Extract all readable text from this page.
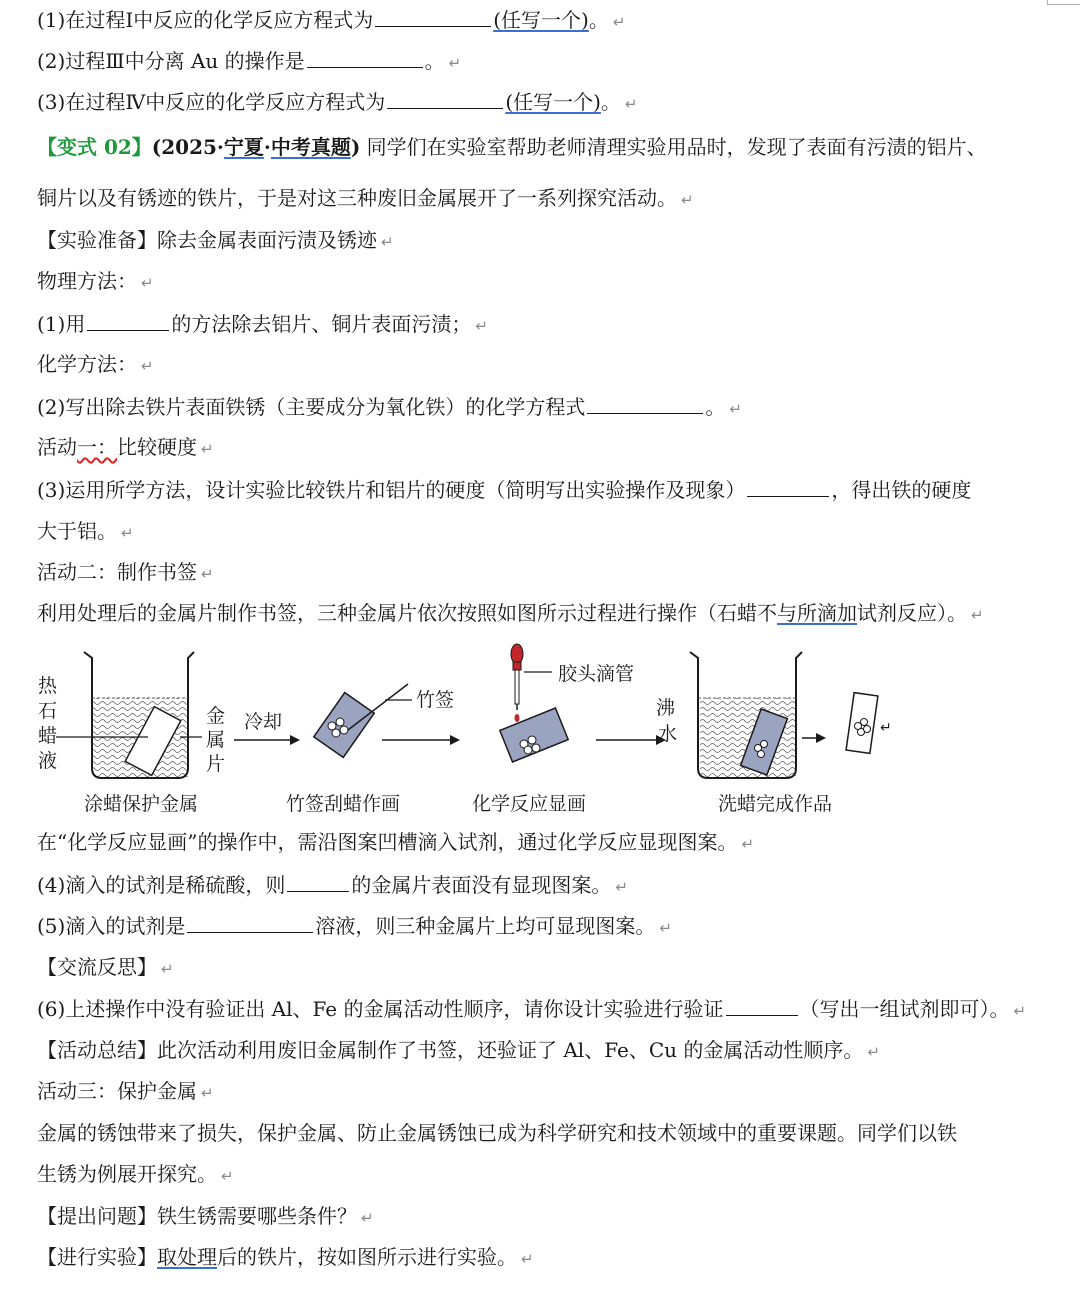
(1)在过程I中反应的化学反应方程式为	(任写一个)。 ↵
(2)过程Ⅲ中分离 Au 的操作是	。 ↵
(3)在过程Ⅳ中反应的化学反应方程式为	(任写一个)。 ↵
【变式 02】(2025·宁夏·中考真题) 同学们在实验室帮助老师清理实验用品时，发现了表面有污渍的铝片、
铜片以及有锈迹的铁片，于是对这三种废旧金属展开了一系列探究活动。 ↵
【实验准备】除去金属表面污渍及锈迹 ↵
物理方法： ↵
(1)用	的方法除去铝片、铜片表面污渍； ↵
化学方法： ↵
(2)写出除去铁片表面铁锈（主要成分为氧化铁）的化学方程式	。 ↵
活动一：比较硬度 ↵
(3)运用所学方法，设计实验比较铁片和铝片的硬度（简明写出实验操作及现象）	，得出铁的硬度
大于铝。 ↵
活动二：制作书签 ↵
利用处理后的金属片制作书签，三种金属片依次按照如图所示过程进行操作（石蜡不与所滴加试剂反应）。 ↵
热
石
蜡
液
金
属
片
冷却
竹签
胶头滴管
沸
水	↵
涂蜡保护金属	竹签刮蜡作画	化学反应显画	洗蜡完成作品
在“化学反应显画”的操作中，需沿图案凹槽滴入试剂，通过化学反应显现图案。 ↵
(4)滴入的试剂是稀硫酸，则	的金属片表面没有显现图案。 ↵
(5)滴入的试剂是	溶液，则三种金属片上均可显现图案。 ↵
【交流反思】 ↵
(6)上述操作中没有验证出 Al、Fe 的金属活动性顺序，请你设计实验进行验证	（写出一组试剂即可）。 ↵
【活动总结】此次活动利用废旧金属制作了书签，还验证了 Al、Fe、Cu 的金属活动性顺序。 ↵
活动三：保护金属 ↵
金属的锈蚀带来了损失，保护金属、防止金属锈蚀已成为科学研究和技术领域中的重要课题。同学们以铁
生锈为例展开探究。 ↵
【提出问题】铁生锈需要哪些条件？ ↵
【进行实验】取处理后的铁片，按如图所示进行实验。 ↵
